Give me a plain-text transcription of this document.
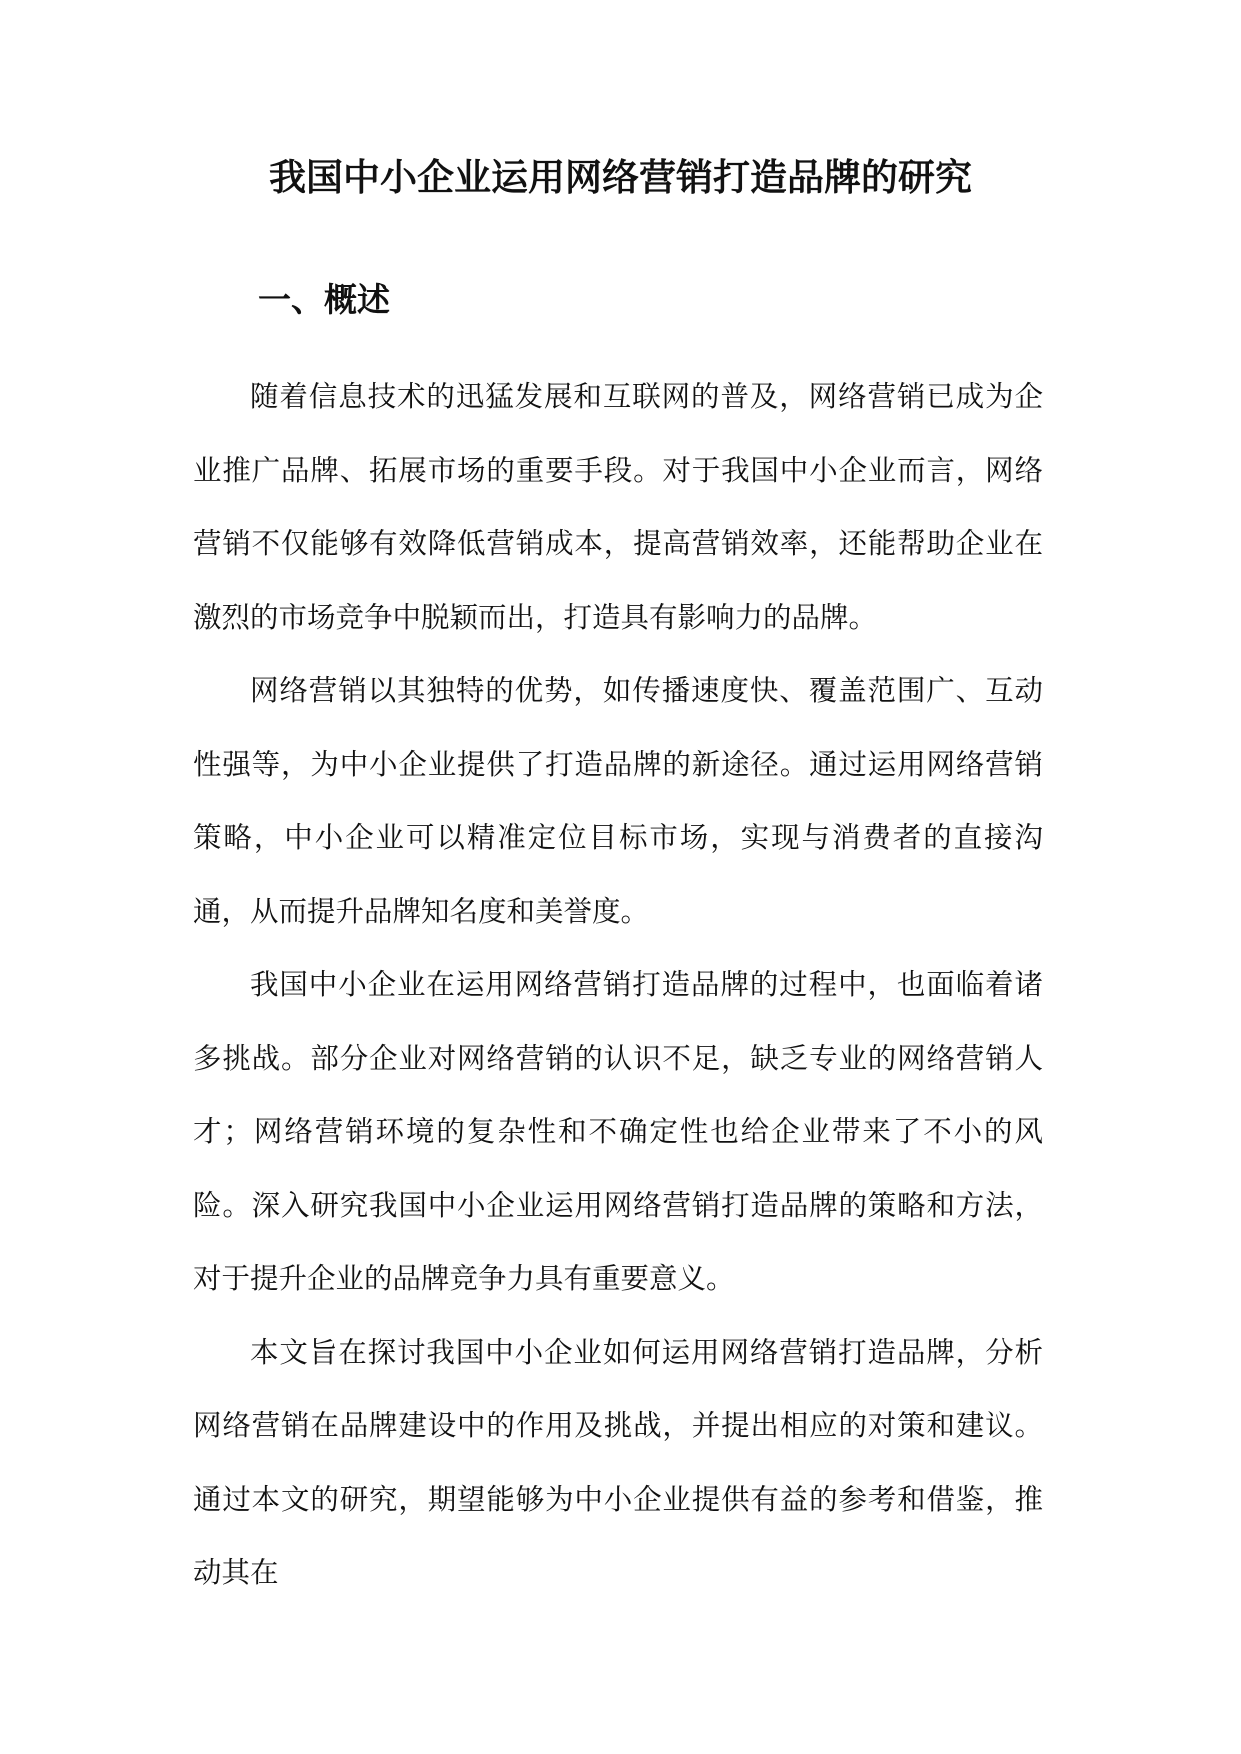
我国中小企业运用网络营销打造品牌的研究
一、概述

随着信息技术的迅猛发展和互联网的普及，网络营销已成为企业推广品牌、拓展市场的重要手段。对于我国中小企业而言，网络营销不仅能够有效降低营销成本，提高营销效率，还能帮助企业在激烈的市场竞争中脱颖而出，打造具有影响力的品牌。

网络营销以其独特的优势，如传播速度快、覆盖范围广、互动性强等，为中小企业提供了打造品牌的新途径。通过运用网络营销策略，中小企业可以精准定位目标市场，实现与消费者的直接沟通，从而提升品牌知名度和美誉度。

我国中小企业在运用网络营销打造品牌的过程中，也面临着诸多挑战。部分企业对网络营销的认识不足，缺乏专业的网络营销人才；网络营销环境的复杂性和不确定性也给企业带来了不小的风险。深入研究我国中小企业运用网络营销打造品牌的策略和方法，对于提升企业的品牌竞争力具有重要意义。

本文旨在探讨我国中小企业如何运用网络营销打造品牌，分析网络营销在品牌建设中的作用及挑战，并提出相应的对策和建议。通过本文的研究，期望能够为中小企业提供有益的参考和借鉴，推动其在
